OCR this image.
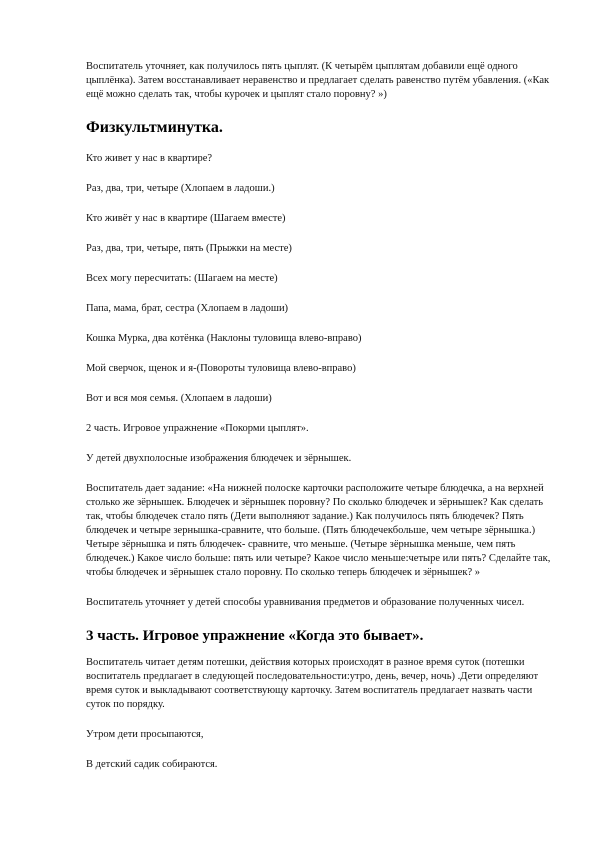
Воспитатель уточняет, как получилось пять цыплят. (К четырём цыплятам добавили ещё одного цыплёнка). Затем восстанавливает неравенство и предлагает сделать равенство путём убавления. («Как ещё можно сделать так, чтобы курочек и цыплят стало поровну? »)

Физкультминутка.

Кто живет у нас в квартире?

Раз, два, три, четыре (Хлопаем в ладоши.)

Кто живёт у нас в квартире (Шагаем вместе)

Раз, два, три, четыре, пять (Прыжки на месте)

Всех могу пересчитать: (Шагаем на месте)

Папа, мама, брат, сестра (Хлопаем в ладоши)

Кошка Мурка, два котёнка (Наклоны туловища влево-вправо)

Мой сверчок, щенок и я-(Повороты туловища влево-вправо)

Вот и вся моя семья. (Хлопаем в ладоши)

2 часть. Игровое упражнение «Покорми цыплят».

У детей двухполосные изображения блюдечек и зёрнышек.

Воспитатель дает задание: «На нижней полоске карточки расположите четыре блюдечка, а на верхней столько же зёрнышек. Блюдечек и зёрнышек поровну? По сколько блюдечек и зёрнышек? Как сделать так, чтобы блюдечек стало пять (Дети выполняют задание.) Как получилось пять блюдечек? Пять блюдечек и четыре зернышка-сравните, что больше. (Пять блюдечекбольше, чем четыре зёрнышка.) Четыре зёрнышка и пять блюдечек- сравните, что меньше. (Четыре зёрнышка меньше, чем пять блюдечек.) Какое число больше: пять или четыре? Какое число меньше:четыре или пять? Сделайте так, чтобы блюдечек и зёрнышек стало поровну. По сколько теперь блюдечек и зёрнышек? »

Воспитатель уточняет у детей способы уравнивания предметов и образование полученных чисел.

3 часть. Игровое упражнение «Когда это бывает».

Воспитатель читает детям потешки, действия которых происходят в разное время суток (потешки воспитатель предлагает в следующей последовательности:утро, день, вечер, ночь) .Дети определяют время суток и выкладывают соответствующу карточку. Затем воспитатель предлагает назвать части суток по порядку.

Утром дети просыпаются,

В детский садик собираются.
